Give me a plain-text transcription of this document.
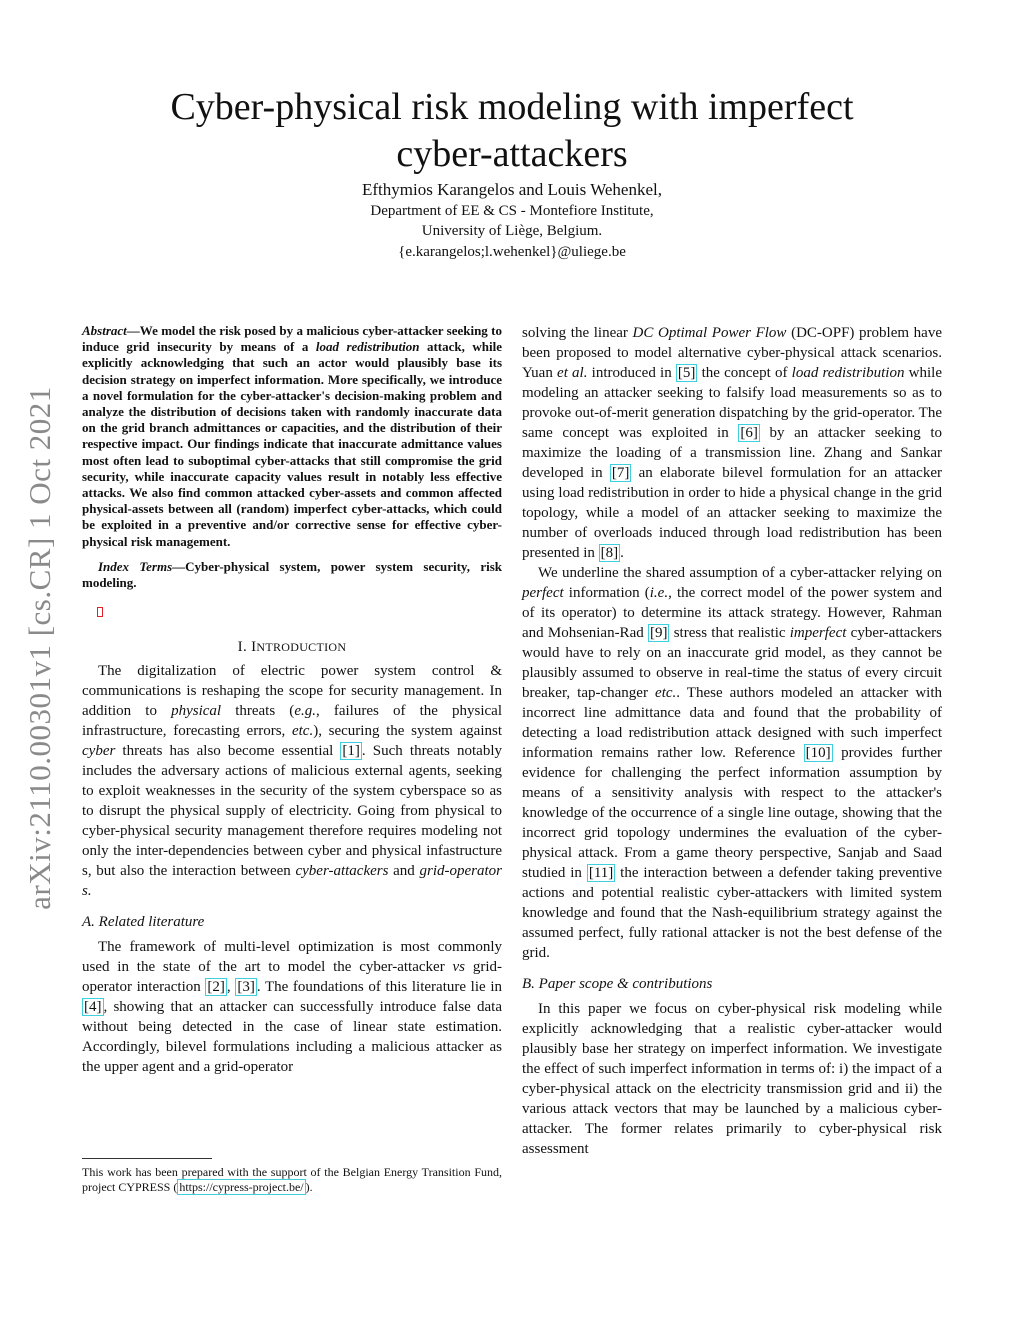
Cyber-physical risk modeling with imperfect
cyber-attackers
Efthymios Karangelos and Louis Wehenkel,
Department of EE & CS - Montefiore Institute,
University of Liège, Belgium.
{e.karangelos;l.wehenkel}@uliege.be
arXiv:2110.00301v1 [cs.CR] 1 Oct 2021

Abstract—We model the risk posed by a malicious cyber-attacker seeking to induce grid insecurity by means of a load redistribution attack, while explicitly acknowledging that such an actor would plausibly base its decision strategy on imperfect information. More specifically, we introduce a novel formulation for the cyber-attacker's decision-making problem and analyze the distribution of decisions taken with randomly inaccurate data on the grid branch admittances or capacities, and the distribution of their respective impact. Our findings indicate that inaccurate admittance values most often lead to suboptimal cyber-attacks that still compromise the grid security, while inaccurate capacity values result in notably less effective attacks. We also find common attacked cyber-assets and common affected physical-assets between all (random) imperfect cyber-attacks, which could be exploited in a preventive and/or corrective sense for effective cyber-physical risk management.

Index Terms—Cyber-physical system, power system security, risk modeling.

I. INTRODUCTION

The digitalization of electric power system control & communications is reshaping the scope for security management. In addition to physical threats (e.g., failures of the physical infrastructure, forecasting errors, etc.), securing the system against cyber threats has also become essential [1] . Such threats notably includes the adversary actions of malicious external agents, seeking to exploit weaknesses in the security of the system cyberspace so as to disrupt the physical supply of electricity. Going from physical to cyber-physical security management therefore requires modeling not only the inter-dependencies between cyber and physical infastructure s, but also the interaction between cyber-attackers and grid-operator s.

A. Related literature

The framework of multi-level optimization is most commonly used in the state of the art to model the cyber-attacker vs grid-operator interaction [2] , [3] . The foundations of this literature lie in [4] , showing that an attacker can successfully introduce false data without being detected in the case of linear state estimation. Accordingly, bilevel formulations including a malicious attacker as the upper agent and a grid-operator

This work has been prepared with the support of the Belgian Energy Transition Fund, project CYPRESS ( https://cypress-project.be/ ).

solving the linear DC Optimal Power Flow (DC-OPF) problem have been proposed to model alternative cyber-physical attack scenarios. Yuan et al. introduced in [5] the concept of load redistribution while modeling an attacker seeking to falsify load measurements so as to provoke out-of-merit generation dispatching by the grid-operator. The same concept was exploited in [6] by an attacker seeking to maximize the loading of a transmission line. Zhang and Sankar developed in [7] an elaborate bilevel formulation for an attacker using load redistribution in order to hide a physical change in the grid topology, while a model of an attacker seeking to maximize the number of overloads induced through load redistribution has been presented in [8] .

We underline the shared assumption of a cyber-attacker relying on perfect information (i.e., the correct model of the power system and of its operator) to determine its attack strategy. However, Rahman and Mohsenian-Rad [9] stress that realistic imperfect cyber-attackers would have to rely on an inaccurate grid model, as they cannot be plausibly assumed to observe in real-time the status of every circuit breaker, tap-changer etc.. These authors modeled an attacker with incorrect line admittance data and found that the probability of detecting a load redistribution attack designed with such imperfect information remains rather low. Reference [10] provides further evidence for challenging the perfect information assumption by means of a sensitivity analysis with respect to the attacker's knowledge of the occurrence of a single line outage, showing that the incorrect grid topology undermines the evaluation of the cyber-physical attack. From a game theory perspective, Sanjab and Saad studied in [11] the interaction between a defender taking preventive actions and potential realistic cyber-attackers with limited system knowledge and found that the Nash-equilibrium strategy against the assumed perfect, fully rational attacker is not the best defense of the grid.

B. Paper scope & contributions

In this paper we focus on cyber-physical risk modeling while explicitly acknowledging that a realistic cyber-attacker would plausibly base her strategy on imperfect information. We investigate the effect of such imperfect information in terms of: i) the impact of a cyber-physical attack on the electricity transmission grid and ii) the various attack vectors that may be launched by a malicious cyber-attacker. The former relates primarily to cyber-physical risk assessment
